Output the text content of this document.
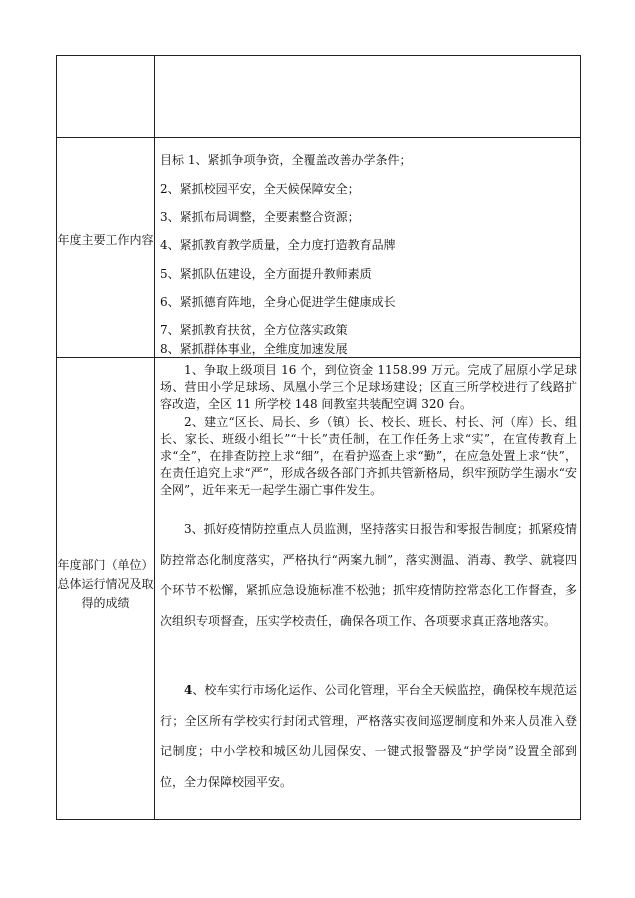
年度主要工作内容
目标 1、紧抓争项争资，全覆盖改善办学条件；
2、紧抓校园平安，全天候保障安全；
3、紧抓布局调整，全要素整合资源；
4、紧抓教育教学质量，全力度打造教育品牌
5、紧抓队伍建设，全方面提升教师素质
6、紧抓德育阵地，全身心促进学生健康成长
7、紧抓教育扶贫，全方位落实政策
8、紧抓群体事业，全维度加速发展
年度部门（单位）总体运行情况及取得的成绩
1、争取上级项目 16 个，到位资金 1158.99 万元。完成了屈原小学足球场、营田小学足球场、凤凰小学三个足球场建设；区直三所学校进行了线路扩容改造，全区 11 所学校 148 间教室共装配空调 320 台。
2、建立“区长、局长、乡（镇）长、校长、班长、村长、河（库）长、组长、家长、班级小组长”“十长”责任制，在工作任务上求“实”，在宣传教育上求“全”，在排查防控上求“细”，在看护巡查上求“勤”，在应急处置上求“快”，在责任追究上求“严”，形成各级各部门齐抓共管新格局，织牢预防学生溺水“安全网”，近年来无一起学生溺亡事件发生。
3、抓好疫情防控重点人员监测，坚持落实日报告和零报告制度；抓紧疫情防控常态化制度落实，严格执行“两案九制”，落实测温、消毒、教学、就寝四个环节不松懈，紧抓应急设施标准不松弛；抓牢疫情防控常态化工作督查，多次组织专项督查，压实学校责任，确保各项工作、各项要求真正落地落实。
4、校车实行市场化运作、公司化管理，平台全天候监控，确保校车规范运行；全区所有学校实行封闭式管理，严格落实夜间巡逻制度和外来人员准入登记制度；中小学校和城区幼儿园保安、一键式报警器及“护学岗”设置全部到位，全力保障校园平安。
